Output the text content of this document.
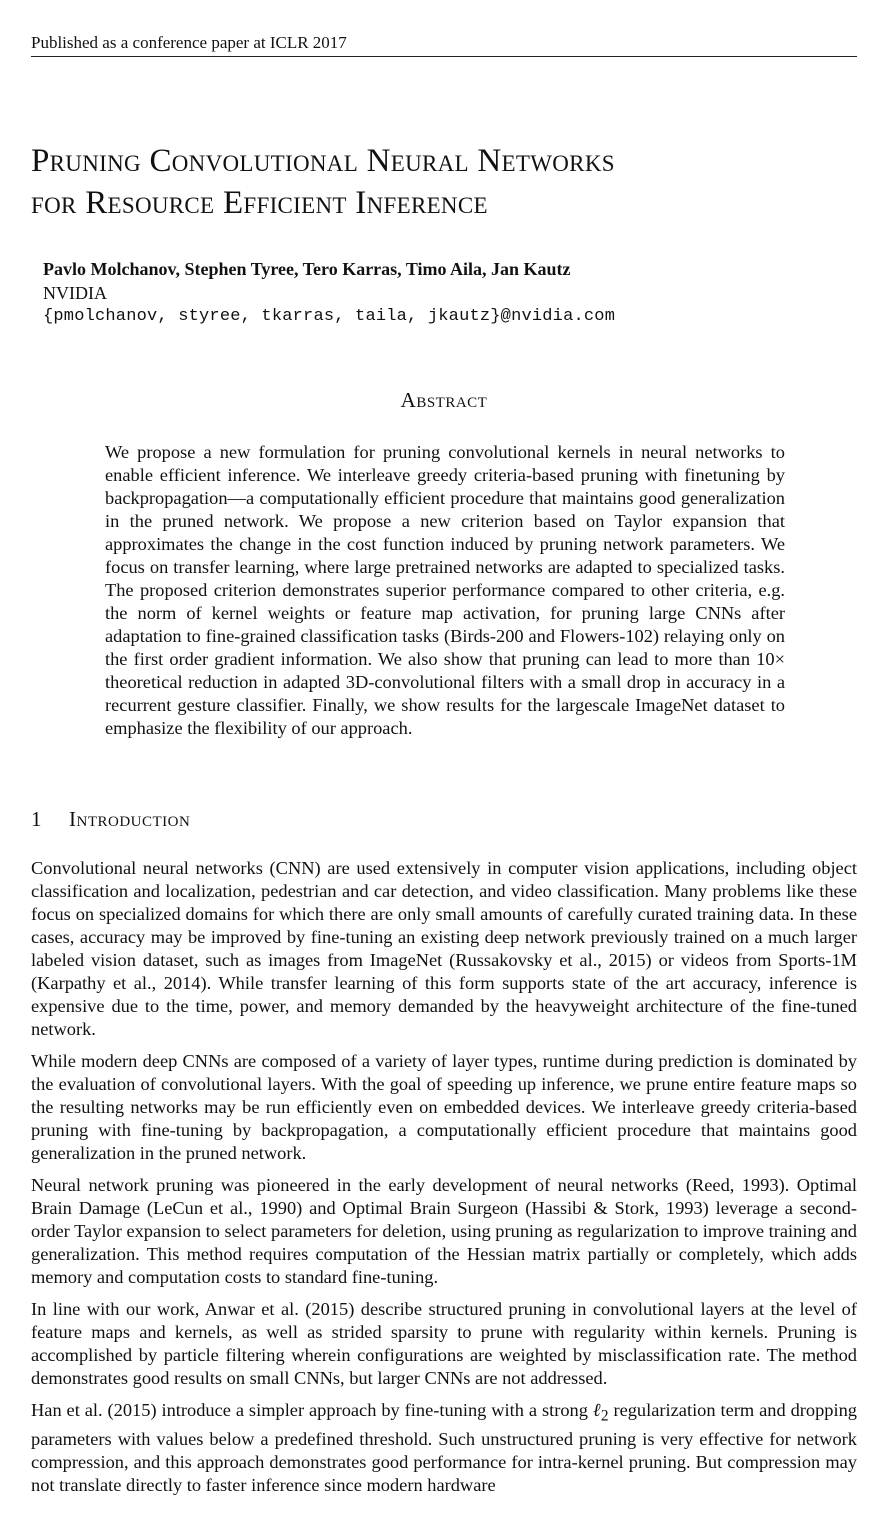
Published as a conference paper at ICLR 2017
Pruning Convolutional Neural Networks
for Resource Efficient Inference
Pavlo Molchanov, Stephen Tyree, Tero Karras, Timo Aila, Jan Kautz
NVIDIA
{pmolchanov, styree, tkarras, taila, jkautz}@nvidia.com
Abstract
We propose a new formulation for pruning convolutional kernels in neural networks to enable efficient inference. We interleave greedy criteria-based pruning with finetuning by backpropagation—a computationally efficient procedure that maintains good generalization in the pruned network. We propose a new criterion based on Taylor expansion that approximates the change in the cost function induced by pruning network parameters. We focus on transfer learning, where large pretrained networks are adapted to specialized tasks. The proposed criterion demonstrates superior performance compared to other criteria, e.g. the norm of kernel weights or feature map activation, for pruning large CNNs after adaptation to fine-grained classification tasks (Birds-200 and Flowers-102) relaying only on the first order gradient information. We also show that pruning can lead to more than 10× theoretical reduction in adapted 3D-convolutional filters with a small drop in accuracy in a recurrent gesture classifier. Finally, we show results for the largescale ImageNet dataset to emphasize the flexibility of our approach.
1 Introduction

Convolutional neural networks (CNN) are used extensively in computer vision applications, including object classification and localization, pedestrian and car detection, and video classification. Many problems like these focus on specialized domains for which there are only small amounts of carefully curated training data. In these cases, accuracy may be improved by fine-tuning an existing deep network previously trained on a much larger labeled vision dataset, such as images from ImageNet (Russakovsky et al., 2015) or videos from Sports-1M (Karpathy et al., 2014). While transfer learning of this form supports state of the art accuracy, inference is expensive due to the time, power, and memory demanded by the heavyweight architecture of the fine-tuned network.

While modern deep CNNs are composed of a variety of layer types, runtime during prediction is dominated by the evaluation of convolutional layers. With the goal of speeding up inference, we prune entire feature maps so the resulting networks may be run efficiently even on embedded devices. We interleave greedy criteria-based pruning with fine-tuning by backpropagation, a computationally efficient procedure that maintains good generalization in the pruned network.

Neural network pruning was pioneered in the early development of neural networks (Reed, 1993). Optimal Brain Damage (LeCun et al., 1990) and Optimal Brain Surgeon (Hassibi & Stork, 1993) leverage a second-order Taylor expansion to select parameters for deletion, using pruning as regularization to improve training and generalization. This method requires computation of the Hessian matrix partially or completely, which adds memory and computation costs to standard fine-tuning.

In line with our work, Anwar et al. (2015) describe structured pruning in convolutional layers at the level of feature maps and kernels, as well as strided sparsity to prune with regularity within kernels. Pruning is accomplished by particle filtering wherein configurations are weighted by misclassification rate. The method demonstrates good results on small CNNs, but larger CNNs are not addressed.

Han et al. (2015) introduce a simpler approach by fine-tuning with a strong ℓ$_2$ regularization term and dropping parameters with values below a predefined threshold. Such unstructured pruning is very effective for network compression, and this approach demonstrates good performance for intra-kernel pruning. But compression may not translate directly to faster inference since modern hardware
